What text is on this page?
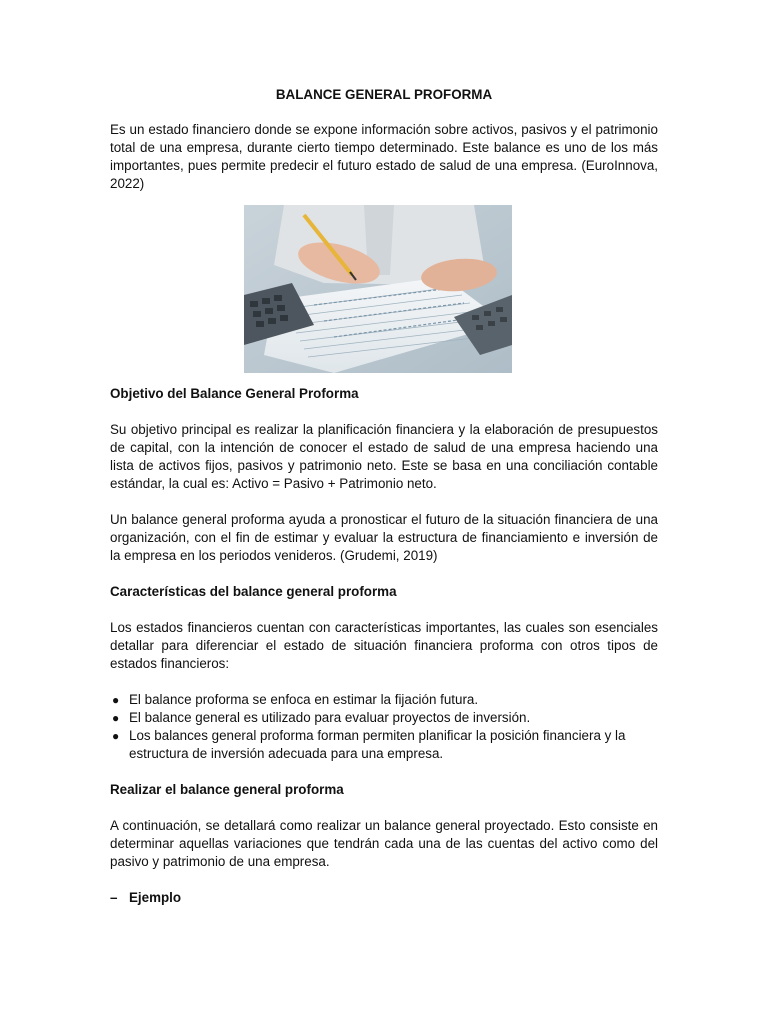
BALANCE GENERAL PROFORMA

Es un estado financiero donde se expone información sobre activos, pasivos y el patrimonio total de una empresa, durante cierto tiempo determinado. Este balance es uno de los más importantes, pues permite predecir el futuro estado de salud de una empresa. (EuroInnova, 2022)

Objetivo del Balance General Proforma

Su objetivo principal es realizar la planificación financiera y la elaboración de presupuestos de capital, con la intención de conocer el estado de salud de una empresa haciendo una lista de activos fijos, pasivos y patrimonio neto. Este se basa en una conciliación contable estándar, la cual es: Activo = Pasivo + Patrimonio neto.

Un balance general proforma ayuda a pronosticar el futuro de la situación financiera de una organización, con el fin de estimar y evaluar la estructura de financiamiento e inversión de la empresa en los periodos venideros. (Grudemi, 2019)

Características del balance general proforma

Los estados financieros cuentan con características importantes, las cuales son esenciales detallar para diferenciar el estado de situación financiera proforma con otros tipos de estados financieros:

● El balance proforma se enfoca en estimar la fijación futura.
● El balance general es utilizado para evaluar proyectos de inversión.
● Los balances general proforma forman permiten planificar la posición financiera y la estructura de inversión adecuada para una empresa.
Realizar el balance general proforma

A continuación, se detallará como realizar un balance general proyectado. Esto consiste en determinar aquellas variaciones que tendrán cada una de las cuentas del activo como del pasivo y patrimonio de una empresa.

– Ejemplo
